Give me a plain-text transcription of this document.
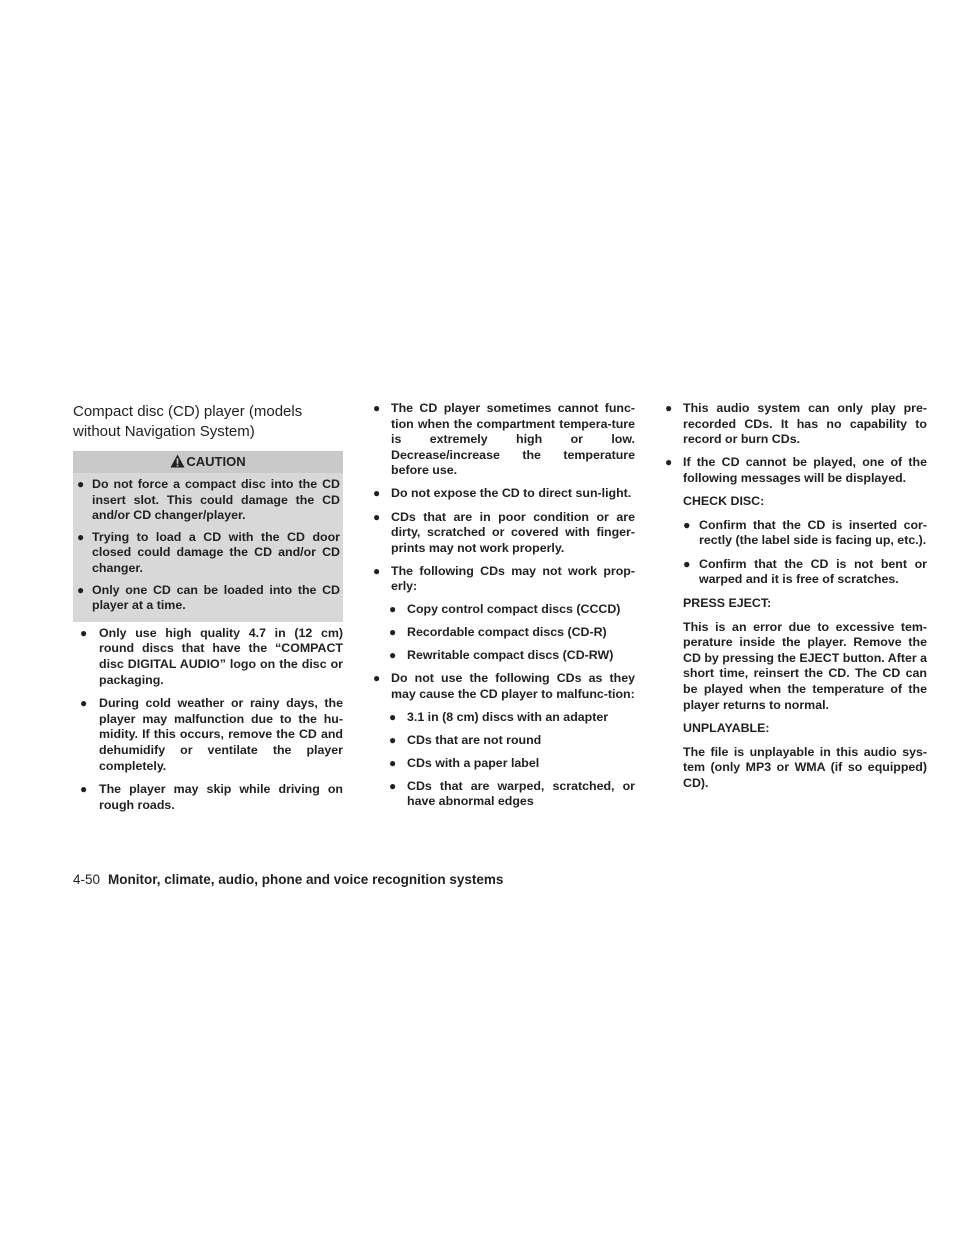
Compact disc (CD) player (models without Navigation System)
CAUTION
● Do not force a compact disc into the CD insert slot. This could damage the CD and/or CD changer/player.
● Trying to load a CD with the CD door closed could damage the CD and/or CD changer.
● Only one CD can be loaded into the CD player at a time.
● Only use high quality 4.7 in (12 cm) round discs that have the “COMPACT disc DIGITAL AUDIO” logo on the disc or packaging.
● During cold weather or rainy days, the player may malfunction due to the hu-midity. If this occurs, remove the CD and dehumidify or ventilate the player completely.
● The player may skip while driving on rough roads.
● The CD player sometimes cannot func-tion when the compartment tempera-ture is extremely high or low. Decrease/increase the temperature before use.
● Do not expose the CD to direct sun-light.
● CDs that are in poor condition or are dirty, scratched or covered with finger-prints may not work properly.
● The following CDs may not work prop-erly:
● Copy control compact discs (CCCD)
● Recordable compact discs (CD-R)
● Rewritable compact discs (CD-RW)
● Do not use the following CDs as they may cause the CD player to malfunc-tion:
● 3.1 in (8 cm) discs with an adapter
● CDs that are not round
● CDs with a paper label
● CDs that are warped, scratched, or have abnormal edges
● This audio system can only play pre-recorded CDs. It has no capability to record or burn CDs.
● If the CD cannot be played, one of the following messages will be displayed.
CHECK DISC:
● Confirm that the CD is inserted cor-rectly (the label side is facing up, etc.).
● Confirm that the CD is not bent or warped and it is free of scratches.
PRESS EJECT:
This is an error due to excessive tem-perature inside the player. Remove the CD by pressing the EJECT button. After a short time, reinsert the CD. The CD can be played when the temperature of the player returns to normal.
UNPLAYABLE:
The file is unplayable in this audio sys-tem (only MP3 or WMA (if so equipped) CD).
4-50 Monitor, climate, audio, phone and voice recognition systems
